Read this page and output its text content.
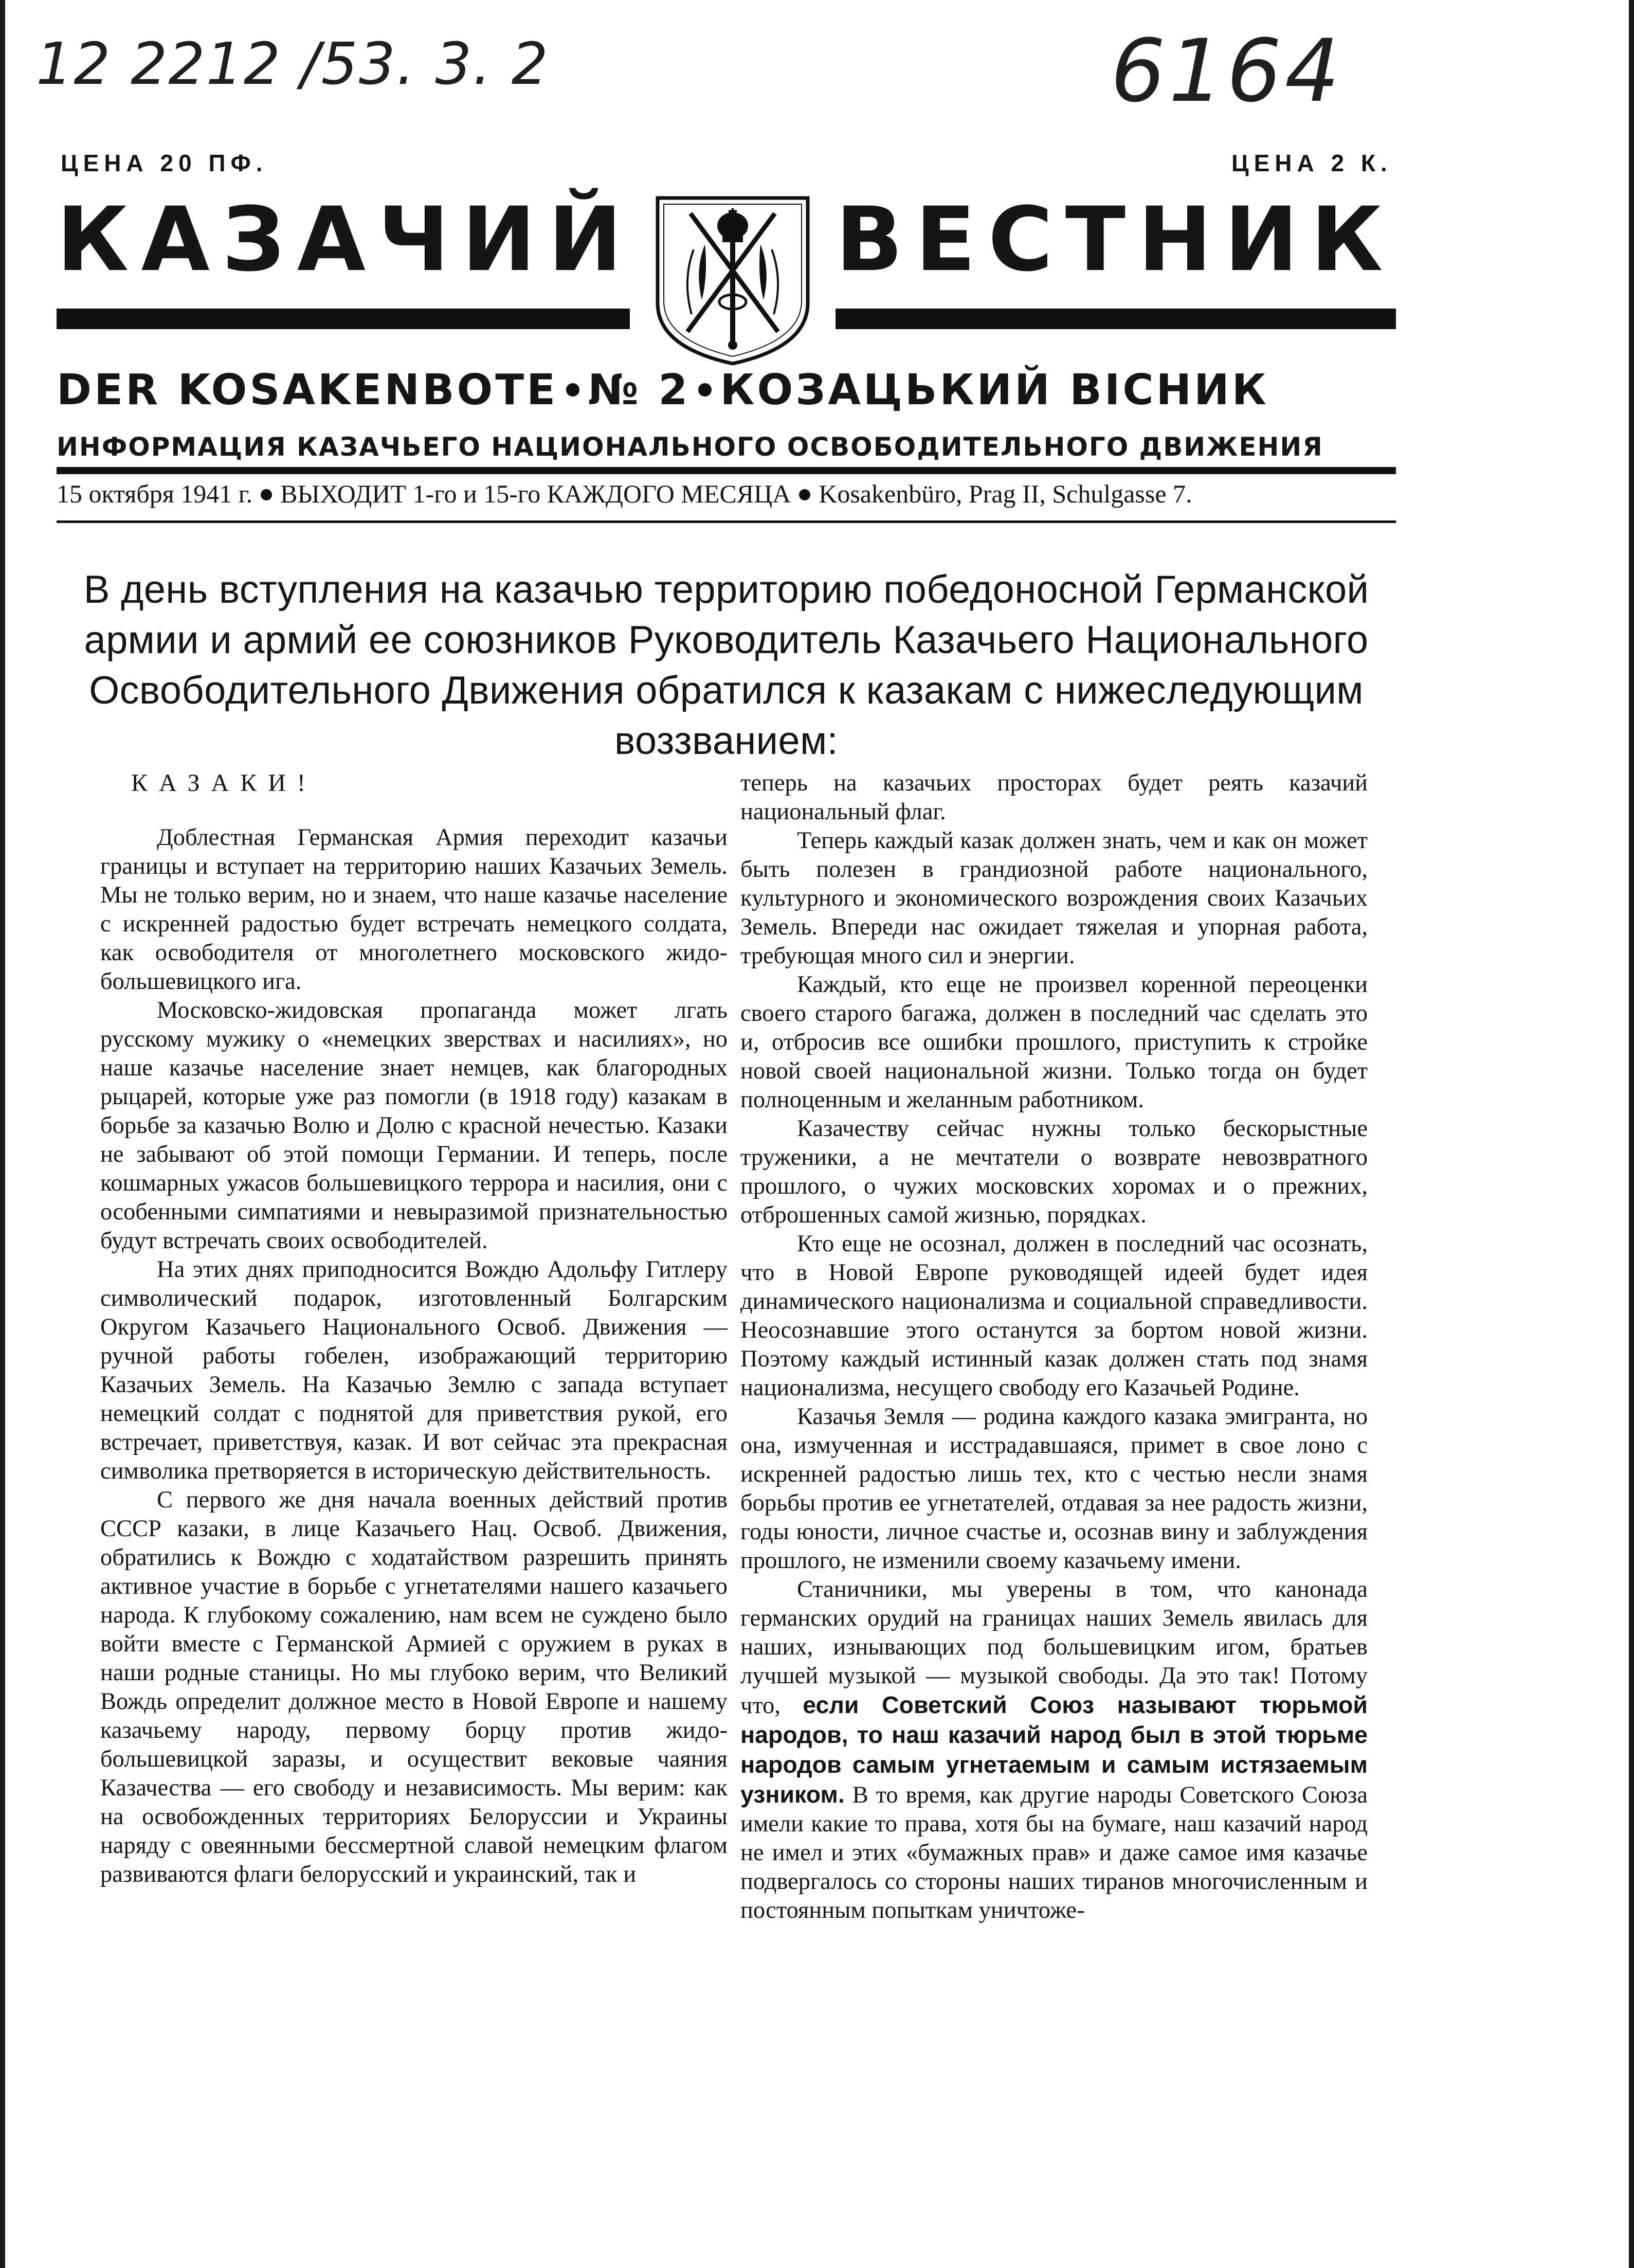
12 2212 /53. 3. 2	6164
ЦЕНА 20 ПФ.	ЦЕНА 2 К.
КАЗАЧИЙ ВЕСТНИК
DER KOSAKENBOTE № 2 КОЗАЦЬКИЙ ВІСНИК
ИНФОРМАЦИЯ КАЗАЧЬЕГО НАЦИОНАЛЬНОГО ОСВОБОДИТЕЛЬНОГО ДВИЖЕНИЯ
15 октября 1941 г. ВЫХОДИТ 1-го и 15-го КАЖДОГО МЕСЯЦА Kosakenbüro, Prag II, Schulgasse 7.
В день вступления на казачью территорию победоносной Германской армии и армий ее союзников Руководитель Казачьего Национального Освободительного Движения обратился к казакам с нижеследующим воззванием:

КАЗАКИ!

Доблестная Германская Армия переходит казачьи границы и вступает на территорию наших Казачьих Земель. Мы не только верим, но и знаем, что наше казачье население с искренней радостью будет встречать немецкого солдата, как освободителя от многолетнего московского жидо-большевицкого ига.

Московско-жидовская пропаганда может лгать русскому мужику о «немецких зверствах и насилиях», но наше казачье население знает немцев, как благородных рыцарей, которые уже раз помогли (в 1918 году) казакам в борьбе за казачью Волю и Долю с красной нечестью. Казаки не забывают об этой помощи Германии. И теперь, после кошмарных ужасов большевицкого террора и насилия, они с особенными симпатиями и невыразимой признательностью будут встречать своих освободителей.

На этих днях приподносится Вождю Адольфу Гитлеру символический подарок, изготовленный Болгарским Округом Казачьего Национального Освоб. Движения — ручной работы гобелен, изображающий территорию Казачьих Земель. На Казачью Землю с запада вступает немецкий солдат с поднятой для приветствия рукой, его встречает, приветствуя, казак. И вот сейчас эта прекрасная символика претворяется в историческую действительность.

С первого же дня начала военных действий против СССР казаки, в лице Казачьего Нац. Освоб. Движения, обратились к Вождю с ходатайством разрешить принять активное участие в борьбе с угнетателями нашего казачьего народа. К глубокому сожалению, нам всем не суждено было войти вместе с Германской Армией с оружием в руках в наши родные станицы. Но мы глубоко верим, что Великий Вождь определит должное место в Новой Европе и нашему казачьему народу, первому борцу против жидо-большевицкой заразы, и осуществит вековые чаяния Казачества — его свободу и независимость. Мы верим: как на освобожденных территориях Белоруссии и Украины наряду с овеянными бессмертной славой немецким флагом развиваются флаги белорусский и украинский, так и

теперь на казачьих просторах будет реять казачий национальный флаг.

Теперь каждый казак должен знать, чем и как он может быть полезен в грандиозной работе национального, культурного и экономического возрождения своих Казачьих Земель. Впереди нас ожидает тяжелая и упорная работа, требующая много сил и энергии.

Каждый, кто еще не произвел коренной переоценки своего старого багажа, должен в последний час сделать это и, отбросив все ошибки прошлого, приступить к стройке новой своей национальной жизни. Только тогда он будет полноценным и желанным работником.

Казачеству сейчас нужны только бескорыстные труженики, а не мечтатели о возврате невозвратного прошлого, о чужих московских хоромах и о прежних, отброшенных самой жизнью, порядках.

Кто еще не осознал, должен в последний час осознать, что в Новой Европе руководящей идеей будет идея динамического национализма и социальной справедливости. Неосознавшие этого останутся за бортом новой жизни. Поэтому каждый истинный казак должен стать под знамя национализма, несущего свободу его Казачьей Родине.

Казачья Земля — родина каждого казака эмигранта, но она, измученная и исстрадавшаяся, примет в свое лоно с искренней радостью лишь тех, кто с честью несли знамя борьбы против ее угнетателей, отдавая за нее радость жизни, годы юности, личное счастье и, осознав вину и заблуждения прошлого, не изменили своему казачьему имени.

Станичники, мы уверены в том, что канонада германских орудий на границах наших Земель явилась для наших, изнывающих под большевицким игом, братьев лучшей музыкой — музыкой свободы. Да это так! Потому что, если Советский Союз называют тюрьмой народов, то наш казачий народ был в этой тюрьме народов самым угнетаемым и самым истязаемым узником. В то время, как другие народы Советского Союза имели какие то права, хотя бы на бумаге, наш казачий народ не имел и этих «бумажных прав» и даже самое имя казачье подвергалось со стороны наших тиранов многочисленным и постоянным попыткам уничтоже-
